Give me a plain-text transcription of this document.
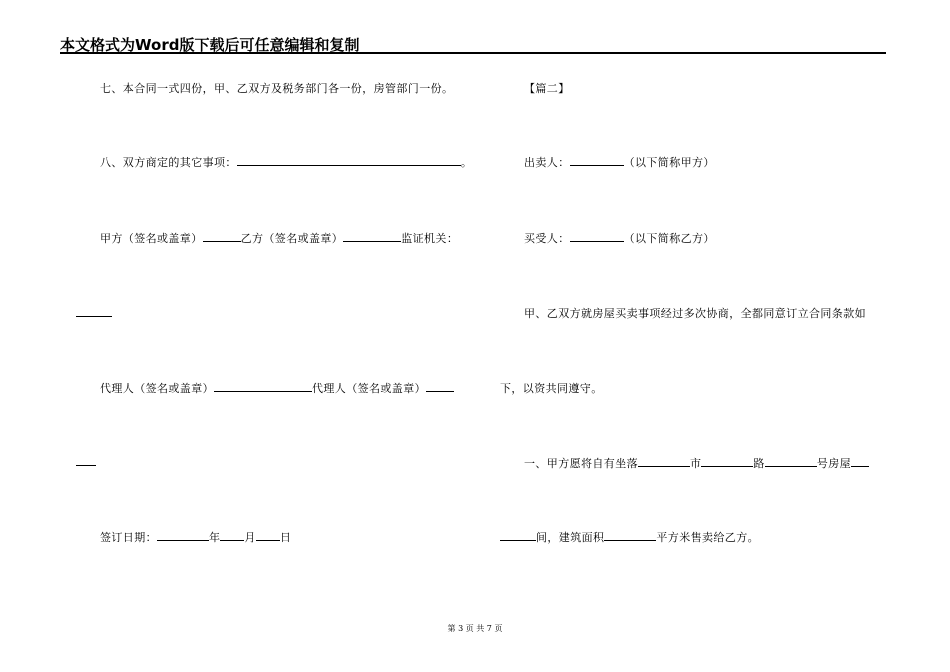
本文格式为Word版下载后可任意编辑和复制
七、本合同一式四份，甲、乙双方及税务部门各一份，房管部门一份。
八、双方商定的其它事项：	。
甲方（签名或盖章）	乙方（签名或盖章）	监证机关：
代理人（签名或盖章）	代理人（签名或盖章）
签订日期：	年 月 日
【篇二】
出卖人：	（以下简称甲方）
买受人：	（以下简称乙方）
甲、乙双方就房屋买卖事项经过多次协商，全都同意订立合同条款如
下，以资共同遵守。
一、甲方愿将自有坐落	市	路	号房屋
间，建筑面积	平方米售卖给乙方。
第 3 页 共 7 页
